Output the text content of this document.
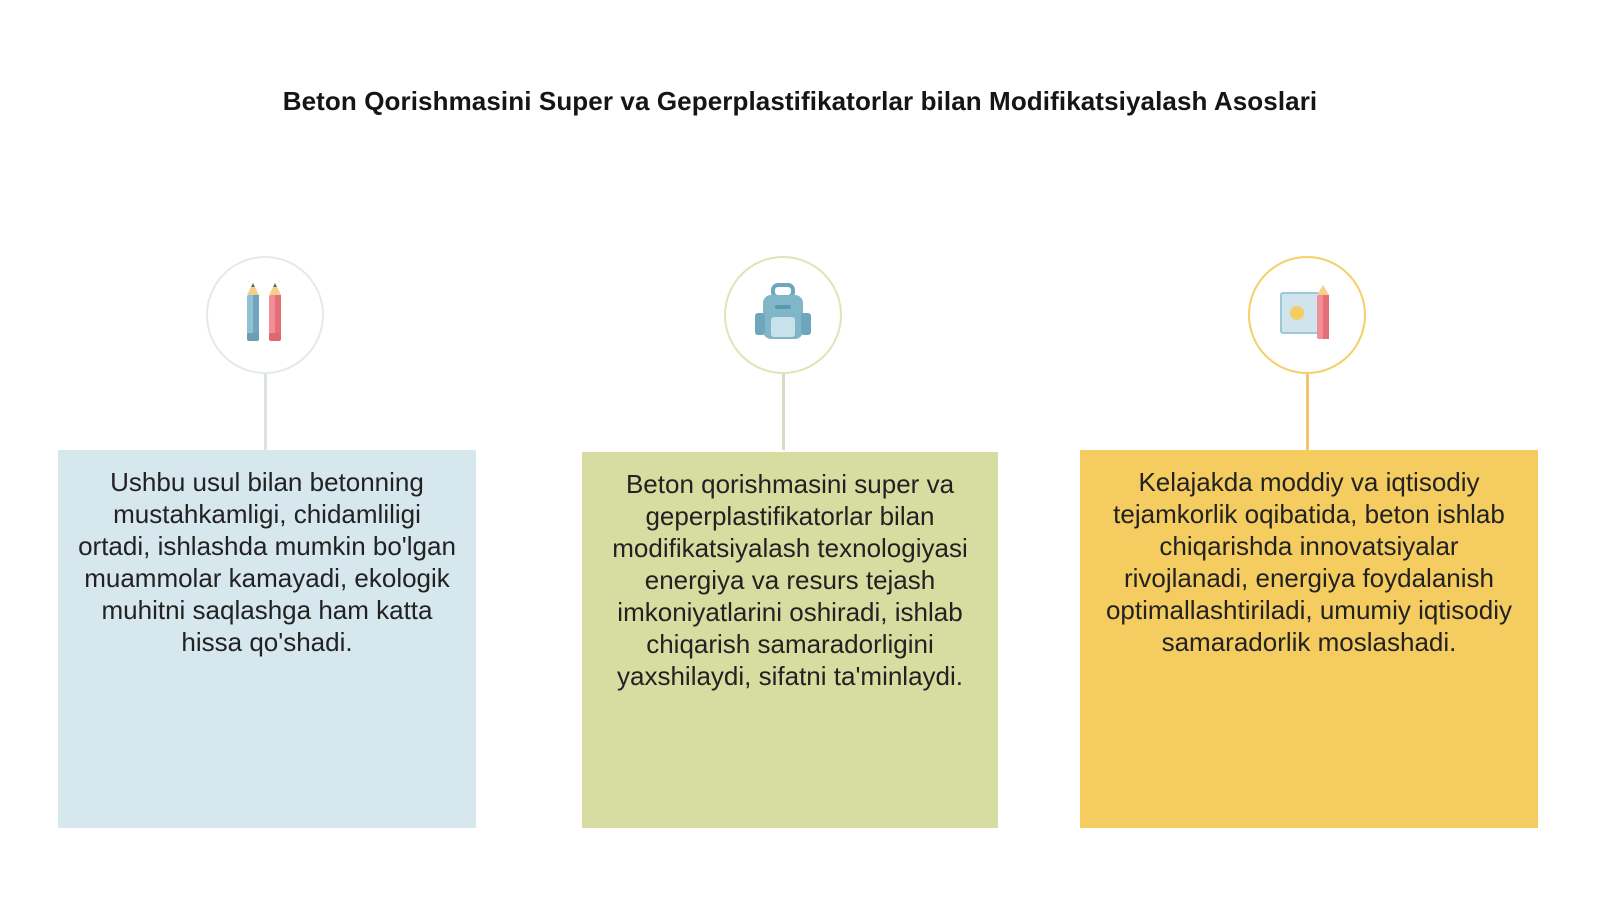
Beton Qorishmasini Super va Geperplastifikatorlar bilan Modifikatsiyalash Asoslari
Ushbu usul bilan betonning mustahkamligi, chidamliligi ortadi, ishlashda mumkin bo'lgan muammolar kamayadi, ekologik muhitni saqlashga ham katta hissa qo'shadi.
Beton qorishmasini super va geperplastifikatorlar bilan modifikatsiyalash texnologiyasi energiya va resurs tejash imkoniyatlarini oshiradi, ishlab chiqarish samaradorligini yaxshilaydi, sifatni ta'minlaydi.
Kelajakda moddiy va iqtisodiy tejamkorlik oqibatida, beton ishlab chiqarishda innovatsiyalar rivojlanadi, energiya foydalanish optimallashtiriladi, umumiy iqtisodiy samaradorlik moslashadi.
